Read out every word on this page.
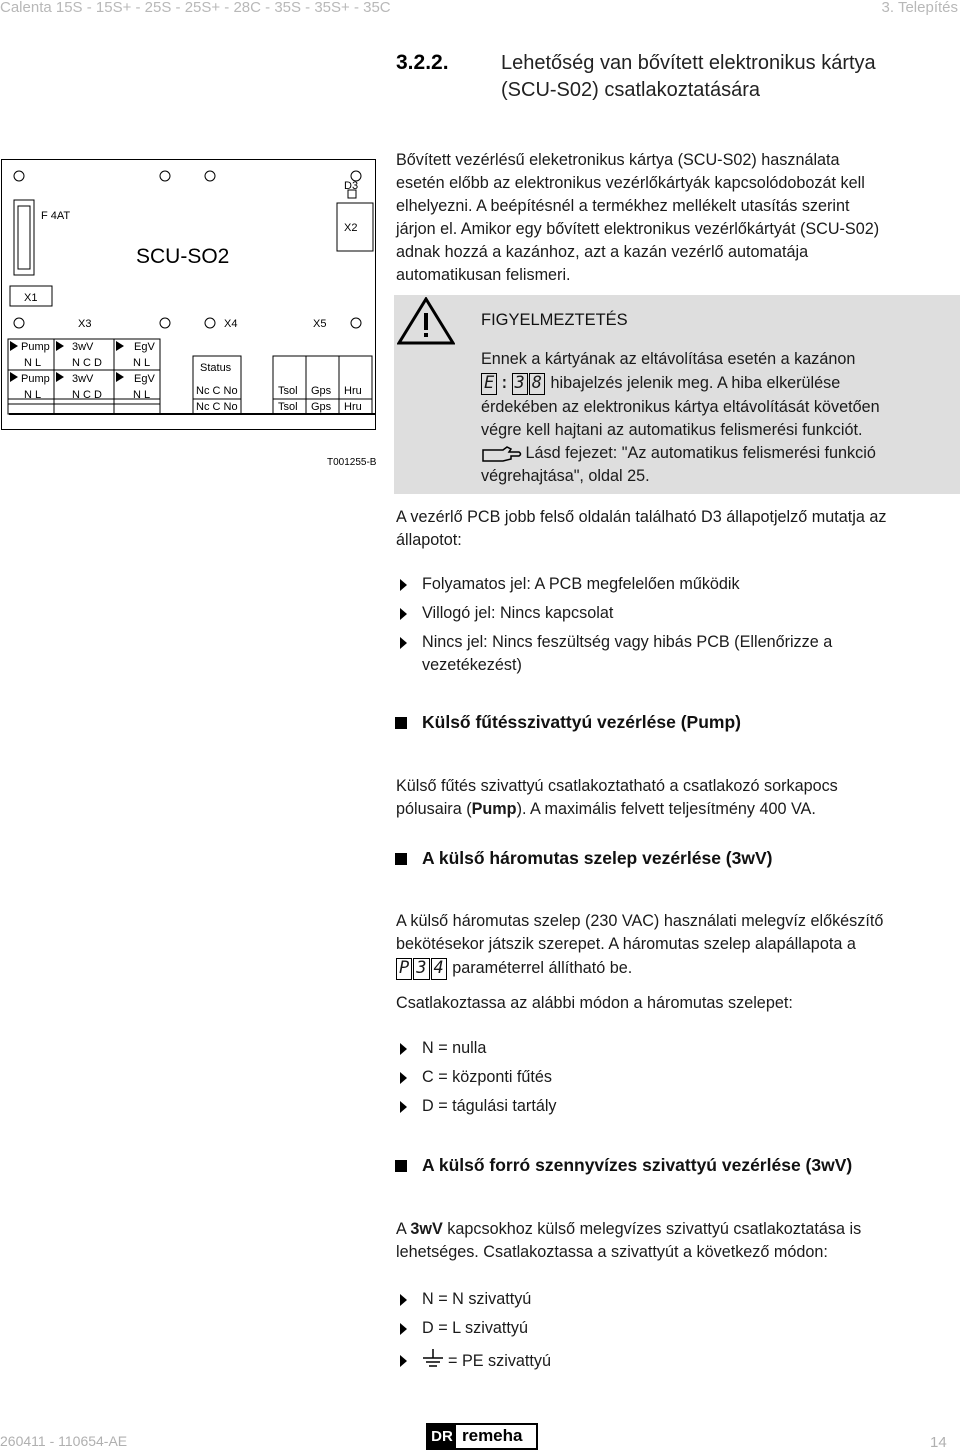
Calenta 15S - 15S+ - 25S - 25S+ - 28C - 35S - 35S+ - 35C	3. Telepítés
3.2.2.	Lehetőség van bővített elektronikus kártya
(SCU-S02) csatlakoztatására
F 4AT
D3
X2
X1
X3	X4	X5
Pump 3wV	EgV
N L	N C D	N L
Pump 3wV	EgV
N L	N C D	N L
Status
Nc C No
Nc C No
Tsol Gps Hru
Tsol Gps Hru
SCU-SO2
T001255-B
Bővített vezérlésű eleketronikus kártya (SCU-S02) használata
esetén előbb az elektronikus vezérlőkártyák kapcsolódobozát kell
elhelyezni. A beépítésnél a termékhez mellékelt utasítás szerint
járjon el. Amikor egy bővített elektronikus vezérlőkártyát (SCU-S02)
adnak hozzá a kazánhoz, azt a kazán vezérlő automatája
automatikusan felismeri.
FIGYELMEZTETÉS
Ennek a kártyának az eltávolítása esetén a kazánon
E : 3 8 hibajelzés jelenik meg. A hiba elkerülése
érdekében az elektronikus kártya eltávolítását követően
végre kell hajtani az automatikus felismerési funkciót.
Lásd fejezet: "Az automatikus felismerési funkció
végrehajtása", oldal 25.
A vezérlő PCB jobb felső oldalán található D3 állapotjelző mutatja az
állapotot:
Folyamatos jel: A PCB megfelelően működik
Villogó jel: Nincs kapcsolat
Nincs jel: Nincs feszültség vagy hibás PCB (Ellenőrizze a
vezetékezést)
Külső fűtésszivattyú vezérlése (Pump)
Külső fűtés szivattyú csatlakoztatható a csatlakozó sorkapocs
pólusaira (Pump). A maximális felvett teljesítmény 400 VA.
A külső háromutas szelep vezérlése (3wV)
A külső háromutas szelep (230 VAC) használati melegvíz előkészítő
bekötésekor játszik szerepet. A háromutas szelep alapállapota a
P 3 4 paraméterrel állítható be.
Csatlakoztassa az alábbi módon a háromutas szelepet:
N = nulla
C = központi fűtés
D = tágulási tartály
A külső forró szennyvízes szivattyú vezérlése (3wV)
A 3wV kapcsokhoz külső melegvízes szivattyú csatlakoztatása is
lehetséges. Csatlakoztassa a szivattyút a következő módon:
N = N szivattyú
D = L szivattyú
= PE szivattyú
260411 - 110654-AE	DR remeha	14
